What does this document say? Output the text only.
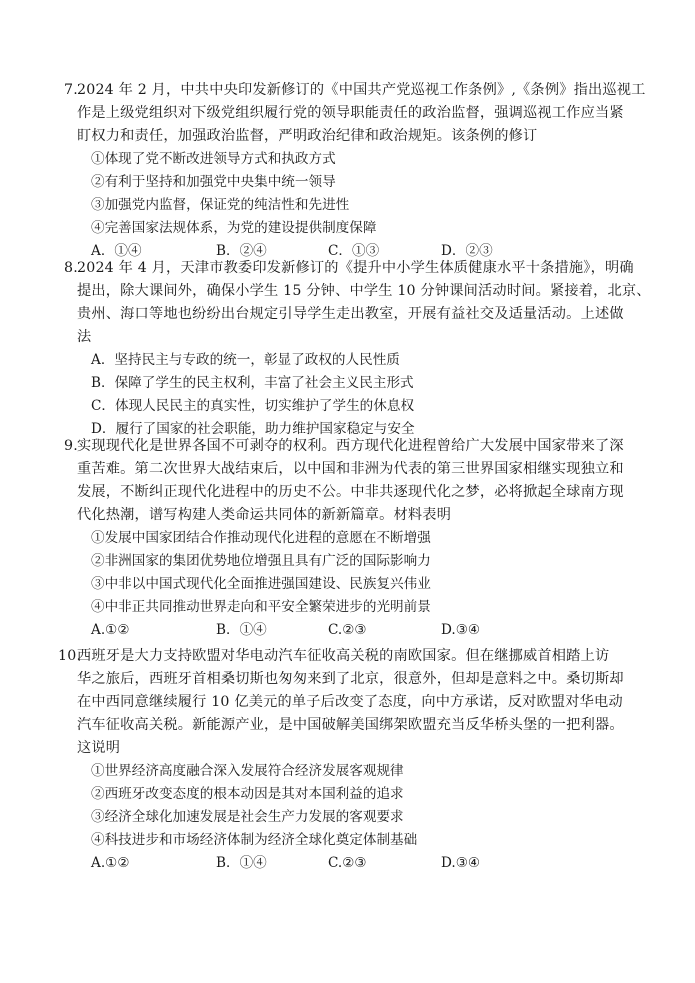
7. 2024 年 2 月，中共中央印发新修订的《中国共产党巡视工作条例》,《条例》指出巡视工
作是上级党组织对下级党组织履行党的领导职能责任的政治监督，强调巡视工作应当紧
盯权力和责任，加强政治监督，严明政治纪律和政治规矩。该条例的修订
①体现了党不断改进领导方式和执政方式
②有利于坚持和加强党中央集中统一领导
③加强党内监督，保证党的纯洁性和先进性
④完善国家法规体系，为党的建设提供制度保障
A．①④	B．②④	C．①③	D．②③
8. 2024 年 4 月，天津市教委印发新修订的《提升中小学生体质健康水平十条措施》，明确
提出，除大课间外，确保小学生 15 分钟、中学生 10 分钟课间活动时间。紧接着，北京、
贵州、海口等地也纷纷出台规定引导学生走出教室，开展有益社交及适量活动。上述做
法
A．坚持民主与专政的统一，彰显了政权的人民性质
B．保障了学生的民主权利，丰富了社会主义民主形式
C．体现人民民主的真实性，切实维护了学生的休息权
D．履行了国家的社会职能，助力维护国家稳定与安全
9. 实现现代化是世界各国不可剥夺的权利。西方现代化进程曾给广大发展中国家带来了深
重苦难。第二次世界大战结束后，以中国和非洲为代表的第三世界国家相继实现独立和
发展，不断纠正现代化进程中的历史不公。中非共逐现代化之梦，必将掀起全球南方现
代化热潮，谱写构建人类命运共同体的新新篇章。材料表明
①发展中国家团结合作推动现代化进程的意愿在不断增强
②非洲国家的集团优势地位增强且具有广泛的国际影响力
③中非以中国式现代化全面推进强国建设、民族复兴伟业
④中非正共同推动世界走向和平安全繁荣进步的光明前景
A.①②	B．①④	C.②③	D.③④
10.
西班牙是大力支持欧盟对华电动汽车征收高关税的南欧国家。但在继挪威首相踏上访
华之旅后，西班牙首相桑切斯也匆匆来到了北京，很意外，但却是意料之中。桑切斯却
在中西同意继续履行 10 亿美元的单子后改变了态度，向中方承诺，反对欧盟对华电动
汽车征收高关税。新能源产业，是中国破解美国绑架欧盟充当反华桥头堡的一把利器。
这说明
①世界经济高度融合深入发展符合经济发展客观规律
②西班牙改变态度的根本动因是其对本国利益的追求
③经济全球化加速发展是社会生产力发展的客观要求
④科技进步和市场经济体制为经济全球化奠定体制基础
A.①②	B．①④	C.②③	D.③④
